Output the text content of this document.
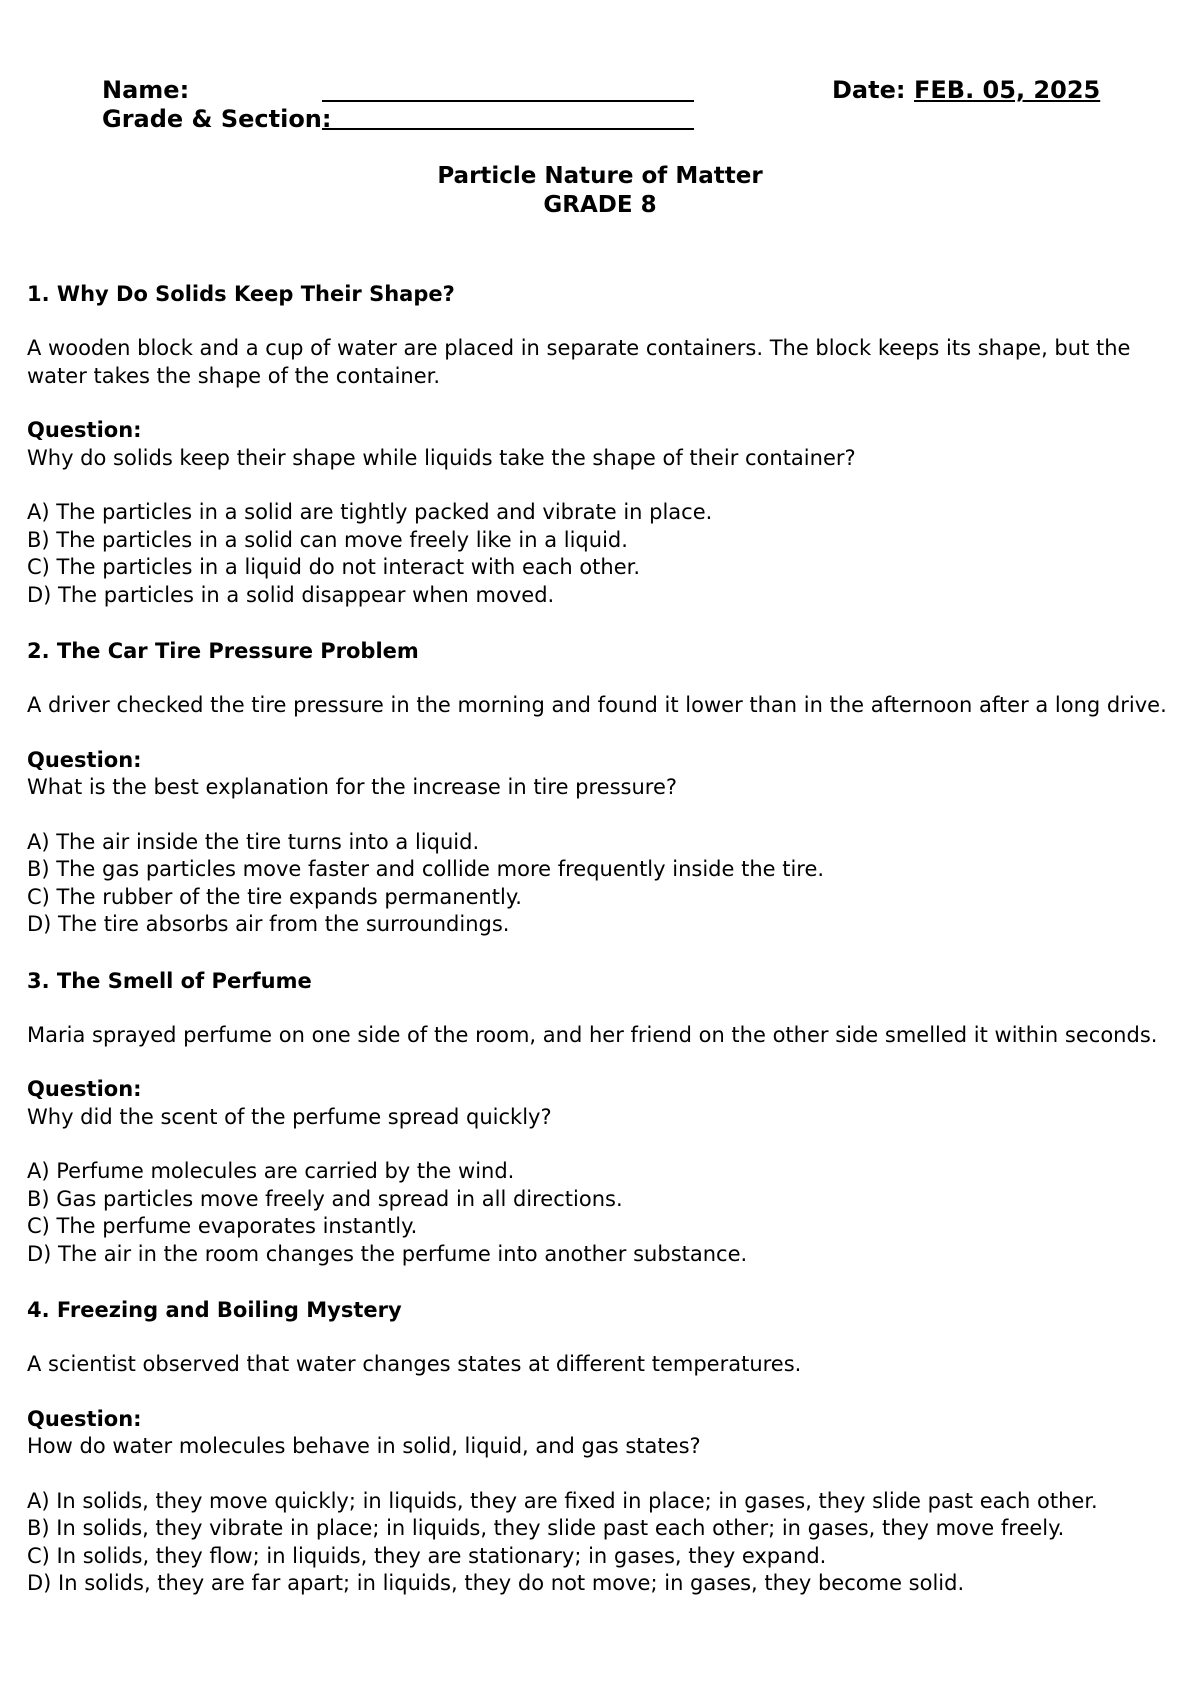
Name:
Grade & Section:
Date: FEB. 05, 2025

Particle Nature of Matter

GRADE 8

1. Why Do Solids Keep Their Shape?

A wooden block and a cup of water are placed in separate containers. The block keeps its shape, but the water takes the shape of the container.

Question:

Why do solids keep their shape while liquids take the shape of their container?

A) The particles in a solid are tightly packed and vibrate in place.

B) The particles in a solid can move freely like in a liquid.

C) The particles in a liquid do not interact with each other.

D) The particles in a solid disappear when moved.

2. The Car Tire Pressure Problem

A driver checked the tire pressure in the morning and found it lower than in the afternoon after a long drive.

Question:

What is the best explanation for the increase in tire pressure?

A) The air inside the tire turns into a liquid.

B) The gas particles move faster and collide more frequently inside the tire.

C) The rubber of the tire expands permanently.

D) The tire absorbs air from the surroundings.

3. The Smell of Perfume

Maria sprayed perfume on one side of the room, and her friend on the other side smelled it within seconds.

Question:

Why did the scent of the perfume spread quickly?

A) Perfume molecules are carried by the wind.

B) Gas particles move freely and spread in all directions.

C) The perfume evaporates instantly.

D) The air in the room changes the perfume into another substance.

4. Freezing and Boiling Mystery

A scientist observed that water changes states at different temperatures.

Question:

How do water molecules behave in solid, liquid, and gas states?

A) In solids, they move quickly; in liquids, they are fixed in place; in gases, they slide past each other.

B) In solids, they vibrate in place; in liquids, they slide past each other; in gases, they move freely.

C) In solids, they flow; in liquids, they are stationary; in gases, they expand.

D) In solids, they are far apart; in liquids, they do not move; in gases, they become solid.
